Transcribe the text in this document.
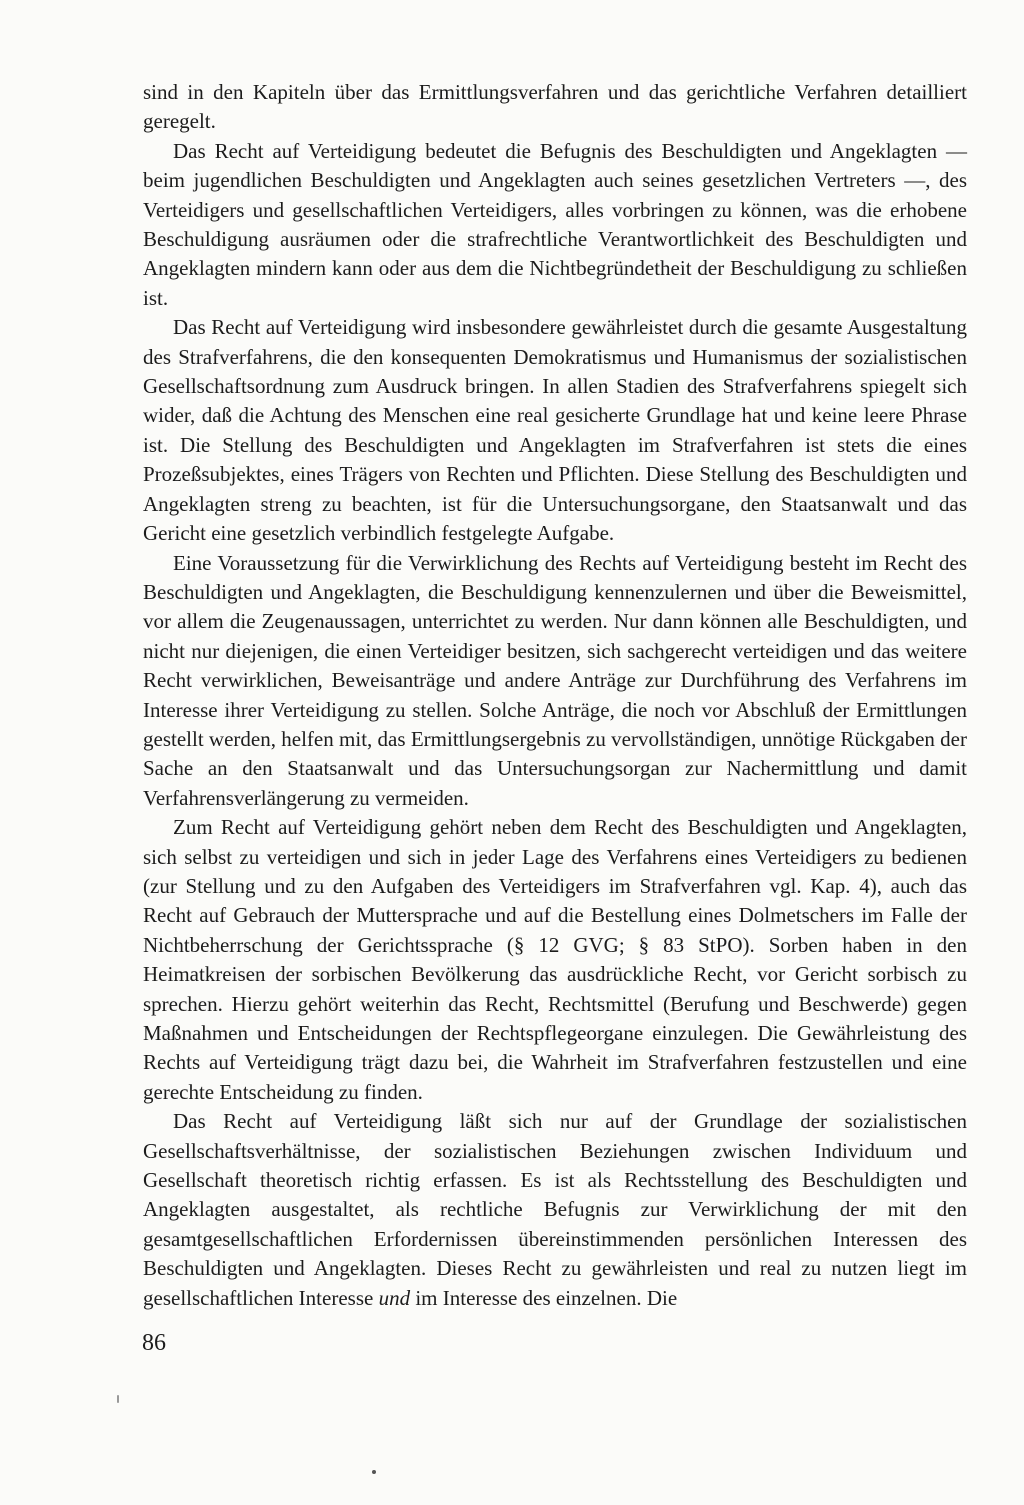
sind in den Kapiteln über das Ermittlungsverfahren und das gerichtliche Verfahren detailliert geregelt.

Das Recht auf Verteidigung bedeutet die Befugnis des Beschuldigten und Angeklagten — beim jugendlichen Beschuldigten und Angeklagten auch seines gesetzlichen Vertreters —, des Verteidigers und gesellschaftlichen Verteidigers, alles vorbringen zu können, was die erhobene Beschuldigung ausräumen oder die strafrechtliche Verantwortlichkeit des Beschuldigten und Angeklagten mindern kann oder aus dem die Nichtbegründetheit der Beschuldigung zu schließen ist.

Das Recht auf Verteidigung wird insbesondere gewährleistet durch die gesamte Ausgestaltung des Strafverfahrens, die den konsequenten Demokratismus und Humanismus der sozialistischen Gesellschaftsordnung zum Ausdruck bringen. In allen Stadien des Strafverfahrens spiegelt sich wider, daß die Achtung des Menschen eine real gesicherte Grundlage hat und keine leere Phrase ist. Die Stellung des Beschuldigten und Angeklagten im Strafverfahren ist stets die eines Prozeßsubjektes, eines Trägers von Rechten und Pflichten. Diese Stellung des Beschuldigten und Angeklagten streng zu beachten, ist für die Untersuchungsorgane, den Staatsanwalt und das Gericht eine gesetzlich verbindlich festgelegte Aufgabe.

Eine Voraussetzung für die Verwirklichung des Rechts auf Verteidigung besteht im Recht des Beschuldigten und Angeklagten, die Beschuldigung kennenzulernen und über die Beweismittel, vor allem die Zeugenaussagen, unterrichtet zu werden. Nur dann können alle Beschuldigten, und nicht nur diejenigen, die einen Verteidiger besitzen, sich sachgerecht verteidigen und das weitere Recht verwirklichen, Beweisanträge und andere Anträge zur Durchführung des Verfahrens im Interesse ihrer Verteidigung zu stellen. Solche Anträge, die noch vor Abschluß der Ermittlungen gestellt werden, helfen mit, das Ermittlungsergebnis zu vervollständigen, unnötige Rückgaben der Sache an den Staatsanwalt und das Untersuchungsorgan zur Nachermittlung und damit Verfahrensverlängerung zu vermeiden.

Zum Recht auf Verteidigung gehört neben dem Recht des Beschuldigten und Angeklagten, sich selbst zu verteidigen und sich in jeder Lage des Verfahrens eines Verteidigers zu bedienen (zur Stellung und zu den Aufgaben des Verteidigers im Strafverfahren vgl. Kap. 4), auch das Recht auf Gebrauch der Muttersprache und auf die Bestellung eines Dolmetschers im Falle der Nichtbeherrschung der Gerichtssprache (§ 12 GVG; § 83 StPO). Sorben haben in den Heimatkreisen der sorbischen Bevölkerung das ausdrückliche Recht, vor Gericht sorbisch zu sprechen. Hierzu gehört weiterhin das Recht, Rechtsmittel (Berufung und Beschwerde) gegen Maßnahmen und Entscheidungen der Rechtspflegeorgane einzulegen. Die Gewährleistung des Rechts auf Verteidigung trägt dazu bei, die Wahrheit im Strafverfahren festzustellen und eine gerechte Entscheidung zu finden.

Das Recht auf Verteidigung läßt sich nur auf der Grundlage der sozialistischen Gesellschaftsverhältnisse, der sozialistischen Beziehungen zwischen Individuum und Gesellschaft theoretisch richtig erfassen. Es ist als Rechtsstellung des Beschuldigten und Angeklagten ausgestaltet, als rechtliche Befugnis zur Verwirklichung der mit den gesamtgesellschaftlichen Erfordernissen übereinstimmenden persönlichen Interessen des Beschuldigten und Angeklagten. Dieses Recht zu gewährleisten und real zu nutzen liegt im gesellschaftlichen Interesse und im Interesse des einzelnen. Die

86
